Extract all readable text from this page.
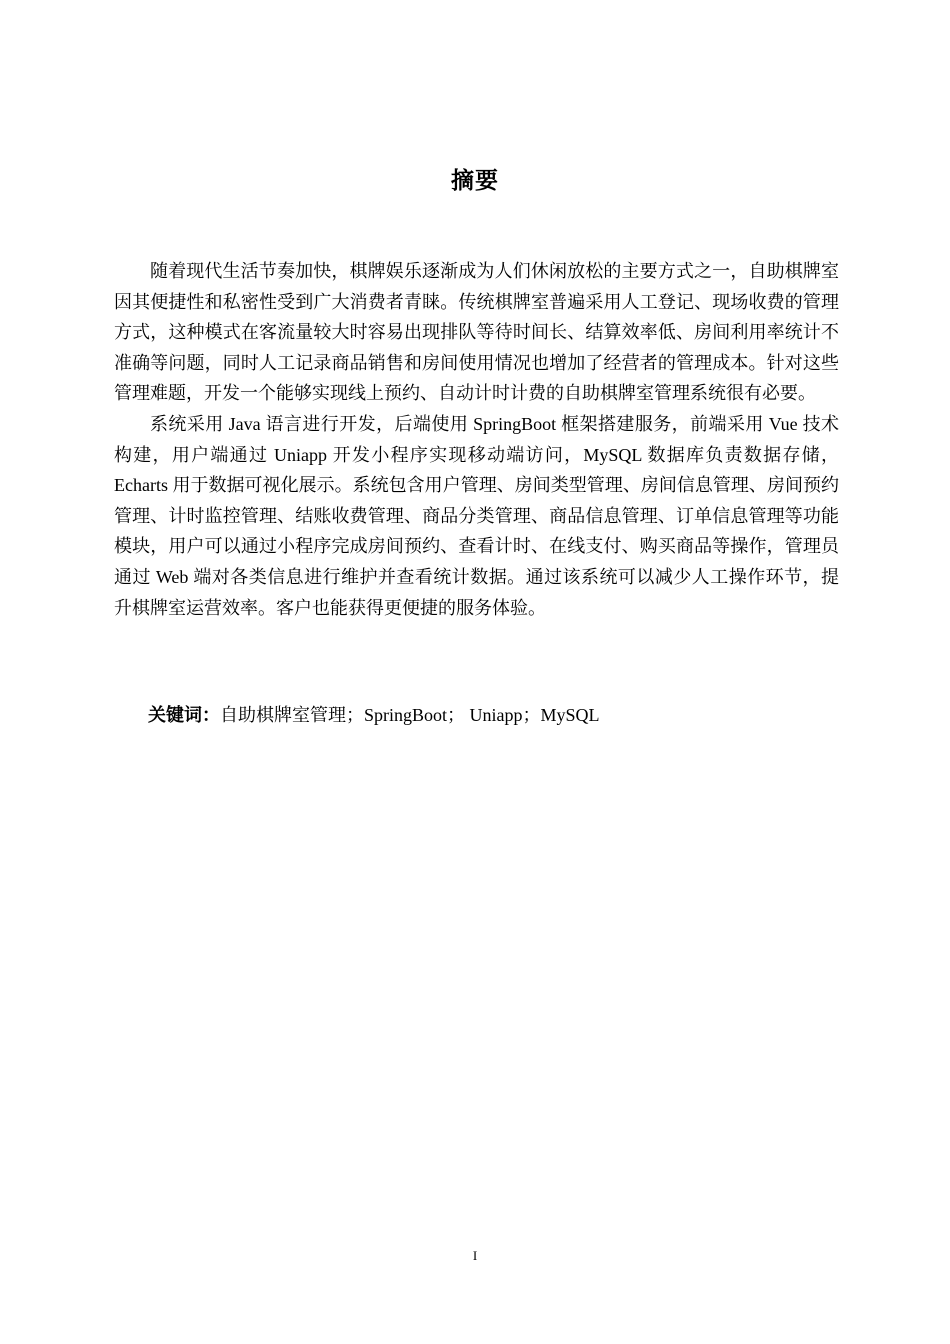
摘要

随着现代生活节奏加快，棋牌娱乐逐渐成为人们休闲放松的主要方式之一，自助棋牌室因其便捷性和私密性受到广大消费者青睐。传统棋牌室普遍采用人工登记、现场收费的管理方式，这种模式在客流量较大时容易出现排队等待时间长、结算效率低、房间利用率统计不准确等问题，同时人工记录商品销售和房间使用情况也增加了经营者的管理成本。针对这些管理难题，开发一个能够实现线上预约、自动计时计费的自助棋牌室管理系统很有必要。

系统采用 Java 语言进行开发，后端使用 SpringBoot 框架搭建服务，前端采用 Vue 技术构建，用户端通过 Uniapp 开发小程序实现移动端访问，MySQL 数据库负责数据存储，Echarts 用于数据可视化展示。系统包含用户管理、房间类型管理、房间信息管理、房间预约管理、计时监控管理、结账收费管理、商品分类管理、商品信息管理、订单信息管理等功能模块，用户可以通过小程序完成房间预约、查看计时、在线支付、购买商品等操作，管理员通过 Web 端对各类信息进行维护并查看统计数据。通过该系统可以减少人工操作环节，提升棋牌室运营效率。客户也能获得更便捷的服务体验。

关键词：自助棋牌室管理；SpringBoot； Uniapp；MySQL
I
